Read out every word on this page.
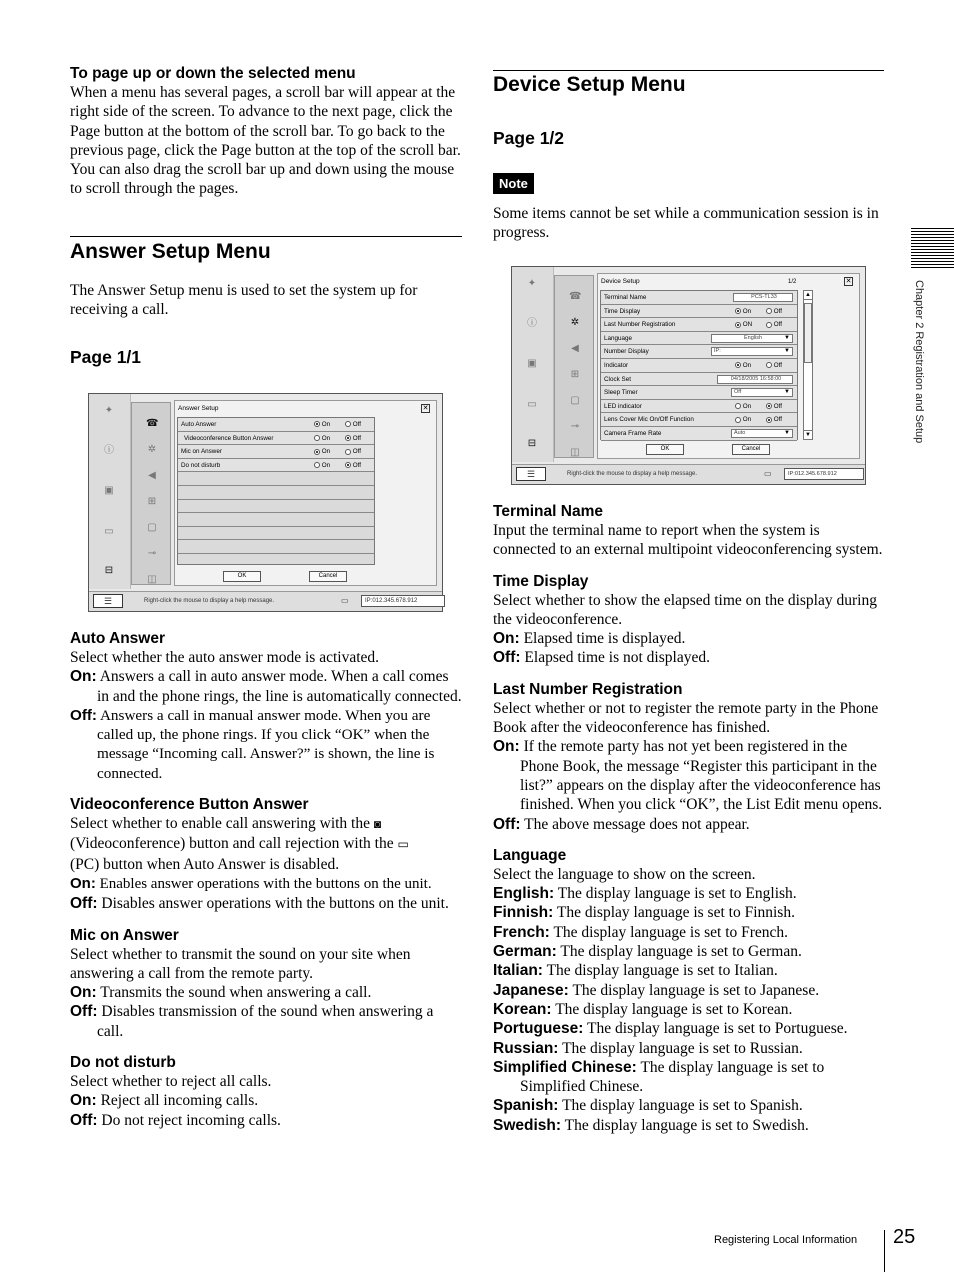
To page up or down the selected menu
When a menu has several pages, a scroll bar will appear at the right side of the screen. To advance to the next page, click the Page button at the bottom of the scroll bar. To go back to the previous page, click the Page button at the top of the scroll bar. You can also drag the scroll bar up and down using the mouse to scroll through the pages.
Answer Setup Menu
The Answer Setup menu is used to set the system up for receiving a call.
Page 1/1
✦
ⓘ
▣
▭
⊟
☎
✲
◀
⊞
▢
⊸
◫
Answer Setup	✕
Auto Answer	On	Off
Videoconference Button Answer	On	Off
Mic on Answer	On	Off
Do not disturb	On	Off
OK	Cancel
☰	Right-click the mouse to display a help message.	▭	IP:012.345.678.912
Auto Answer
Select whether the auto answer mode is activated.
On: Answers a call in auto answer mode. When a call comes in and the phone rings, the line is automatically connected.
Off: Answers a call in manual answer mode. When you are called up, the phone rings. If you click “OK” when the message “Incoming call. Answer?” is shown, the line is connected.
Videoconference Button Answer
Select whether to enable call answering with the ◙
(Videoconference) button and call rejection with the ▭
(PC) button when Auto Answer is disabled.
On: Enables answer operations with the buttons on the unit.
Off: Disables answer operations with the buttons on the unit.
Mic on Answer
Select whether to transmit the sound on your site when answering a call from the remote party.
On: Transmits the sound when answering a call.
Off: Disables transmission of the sound when answering a call.
Do not disturb
Select whether to reject all calls.
On: Reject all incoming calls.
Off: Do not reject incoming calls.
Device Setup Menu
Page 1/2
Note
Some items cannot be set while a communication session is in progress.
✦
ⓘ
▣
▭
⊟
☎
✲
◀
⊞
▢
⊸
◫
Device Setup	1/2	✕
Terminal Name	PCS-TL33
Time Display	On	Off
Last Number Registration	ON	Off
Language	English	▼
Number Display	IP:	▼
Indicator	On	Off
Clock Set	04/18/2005 16:58:00
Sleep Timer	Off	▼
LED indicator	On	Off
Lens Cover Mic On/Off Function	On	Off
Camera Frame Rate	Auto	▼
▲
▼
OK	Cancel
☰	Right-click the mouse to display a help message.	▭	IP:012.345.678.912
Terminal Name
Input the terminal name to report when the system is connected to an external multipoint videoconferencing system.
Time Display
Select whether to show the elapsed time on the display during the videoconference.
On: Elapsed time is displayed.
Off: Elapsed time is not displayed.
Last Number Registration
Select whether or not to register the remote party in the Phone Book after the videoconference has finished.
On: If the remote party has not yet been registered in the Phone Book, the message “Register this participant in the list?” appears on the display after the videoconference has finished. When you click “OK”, the List Edit menu opens.
Off: The above message does not appear.
Language
Select the language to show on the screen.
English: The display language is set to English.
Finnish: The display language is set to Finnish.
French: The display language is set to French.
German: The display language is set to German.
Italian: The display language is set to Italian.
Japanese: The display language is set to Japanese.
Korean: The display language is set to Korean.
Portuguese: The display language is set to Portuguese.
Russian: The display language is set to Russian.
Simplified Chinese: The display language is set to Simplified Chinese.
Spanish: The display language is set to Spanish.
Swedish: The display language is set to Swedish.
Chapter 2 Registration and Setup
Registering Local Information 25
